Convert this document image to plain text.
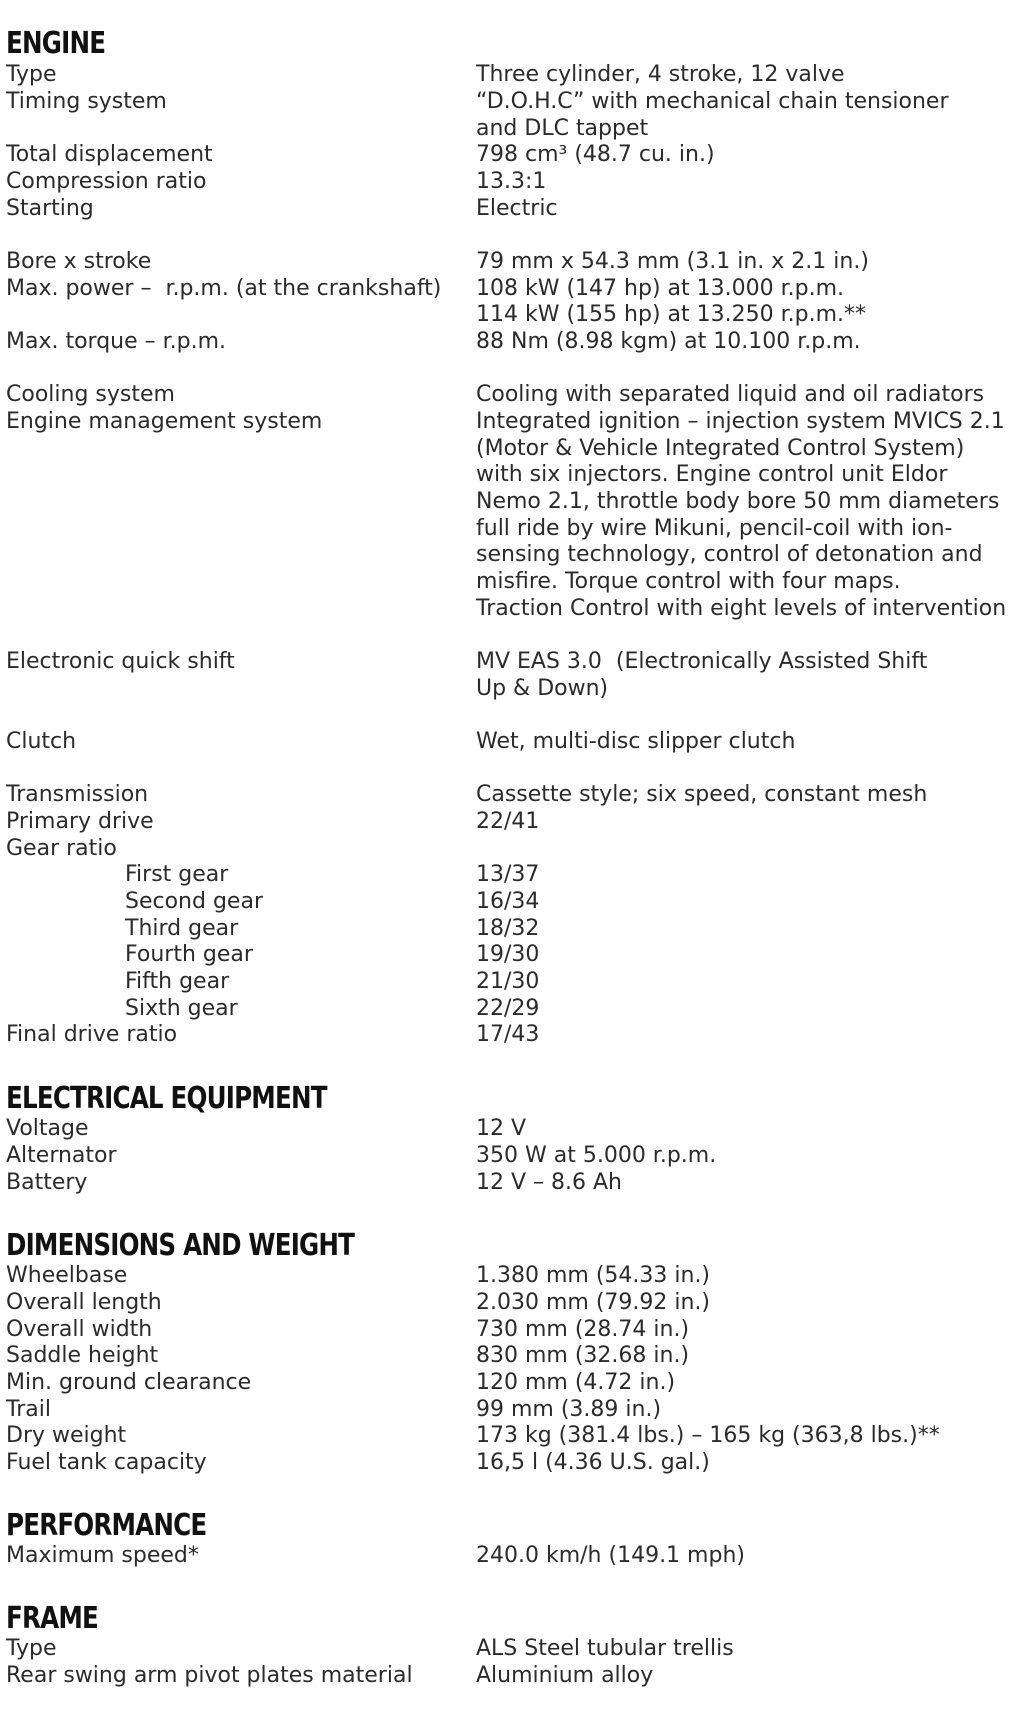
ENGINE
Type	Three cylinder, 4 stroke, 12 valve
Timing system	“D.O.H.C” with mechanical chain tensioner
and DLC tappet
Total displacement	798 cm³ (48.7 cu. in.)
Compression ratio	13.3:1
Starting	Electric
Bore x stroke	79 mm x 54.3 mm (3.1 in. x 2.1 in.)
Max. power –  r.p.m. (at the crankshaft) 108 kW (147 hp) at 13.000 r.p.m.
114 kW (155 hp) at 13.250 r.p.m.**
Max. torque – r.p.m.	88 Nm (8.98 kgm) at 10.100 r.p.m.
Cooling system	Cooling with separated liquid and oil radiators
Engine management system	Integrated ignition – injection system MVICS 2.1
(Motor & Vehicle Integrated Control System)
with six injectors. Engine control unit Eldor
Nemo 2.1, throttle body bore 50 mm diameters
full ride by wire Mikuni, pencil-coil with ion-
sensing technology, control of detonation and
misfire. Torque control with four maps.
Traction Control with eight levels of intervention
Electronic quick shift	MV EAS 3.0  (Electronically Assisted Shift
Up & Down)
Clutch	Wet, multi-disc slipper clutch
Transmission	Cassette style; six speed, constant mesh
Primary drive	22/41
Gear ratio
First gear	13/37
Second gear	16/34
Third gear	18/32
Fourth gear	19/30
Fifth gear	21/30
Sixth gear	22/29
Final drive ratio	17/43
ELECTRICAL EQUIPMENT
Voltage	12 V
Alternator	350 W at 5.000 r.p.m.
Battery	12 V – 8.6 Ah
DIMENSIONS AND WEIGHT
Wheelbase	1.380 mm (54.33 in.)
Overall length	2.030 mm (79.92 in.)
Overall width	730 mm (28.74 in.)
Saddle height	830 mm (32.68 in.)
Min. ground clearance	120 mm (4.72 in.)
Trail	99 mm (3.89 in.)
Dry weight	173 kg (381.4 lbs.) – 165 kg (363,8 lbs.)**
Fuel tank capacity	16,5 l (4.36 U.S. gal.)
PERFORMANCE
Maximum speed*	240.0 km/h (149.1 mph)
FRAME
Type	ALS Steel tubular trellis
Rear swing arm pivot plates material	Aluminium alloy
